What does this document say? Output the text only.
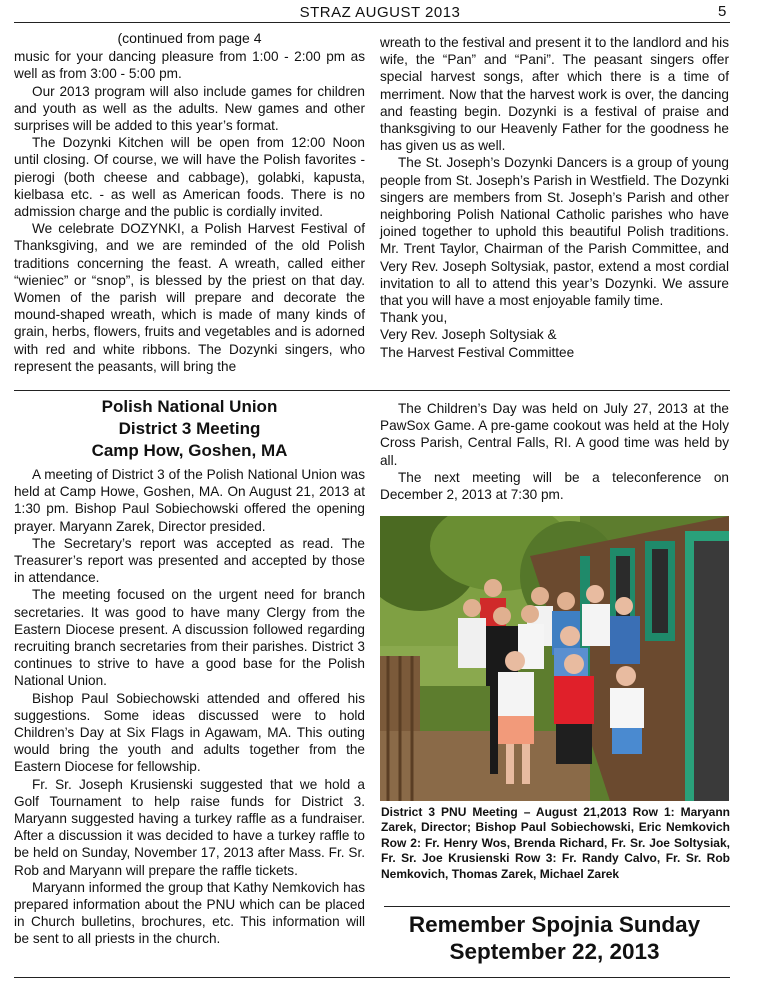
STRAZ AUGUST 2013	5
(continued from page 4

music for your dancing pleasure from 1:00 - 2:00 pm as well as from 3:00 - 5:00 pm.

Our 2013 program will also include games for children and youth as well as the adults. New games and other surprises will be added to this year’s format.

The Dozynki Kitchen will be open from 12:00 Noon until closing. Of course, we will have the Polish favorites - pierogi (both cheese and cabbage), golabki, kapusta, kielbasa etc. - as well as American foods. There is no admission charge and the public is cordially invited.

We celebrate DOZYNKI, a Polish Harvest Festival of Thanksgiving, and we are reminded of the old Polish traditions concerning the feast. A wreath, called either “wieniec” or “snop”, is blessed by the priest on that day. Women of the parish will prepare and decorate the mound-shaped wreath, which is made of many kinds of grain, herbs, flowers, fruits and vegetables and is adorned with red and white ribbons. The Dozynki singers, who represent the peasants, will bring the

wreath to the festival and present it to the landlord and his wife, the “Pan” and “Pani”. The peasant singers offer special harvest songs, after which there is a time of merriment. Now that the harvest work is over, the dancing and feasting begin. Dozynki is a festival of praise and thanksgiving to our Heavenly Father for the goodness he has given us as well.

The St. Joseph’s Dozynki Dancers is a group of young people from St. Joseph’s Parish in Westfield. The Dozynki singers are members from St. Joseph’s Parish and other neighboring Polish National Catholic parishes who have joined together to uphold this beautiful Polish traditions. Mr. Trent Taylor, Chairman of the Parish Committee, and Very Rev. Joseph Soltysiak, pastor, extend a most cordial invitation to all to attend this year’s Dozynki. We assure that you will have a most enjoyable family time.

Thank you,

Very Rev. Joseph Soltysiak &

The Harvest Festival Committee

Polish National Union
District 3 Meeting
Camp How, Goshen, MA

A meeting of District 3 of the Polish National Union was held at Camp Howe, Goshen, MA. On August 21, 2013 at 1:30 pm. Bishop Paul Sobiechowski offered the opening prayer. Maryann Zarek, Director presided.

The Secretary’s report was accepted as read. The Treasurer’s report was presented and accepted by those in attendance.

The meeting focused on the urgent need for branch secretaries. It was good to have many Clergy from the Eastern Diocese present. A discussion followed regarding recruiting branch secretaries from their parishes. District 3 continues to strive to have a good base for the Polish National Union.

Bishop Paul Sobiechowski attended and offered his suggestions. Some ideas discussed were to hold Children’s Day at Six Flags in Agawam, MA. This outing would bring the youth and adults together from the Eastern Diocese for fellowship.

Fr. Sr. Joseph Krusienski suggested that we hold a Golf Tournament to help raise funds for District 3. Maryann suggested having a turkey raffle as a fundraiser. After a discussion it was decided to have a turkey raffle to be held on Sunday, November 17, 2013 after Mass. Fr. Sr. Rob and Maryann will prepare the raffle tickets.

Maryann informed the group that Kathy Nemkovich has prepared information about the PNU which can be placed in Church bulletins, brochures, etc. This information will be sent to all priests in the church.

The Children’s Day was held on July 27, 2013 at the PawSox Game. A pre-game cookout was held at the Holy Cross Parish, Central Falls, RI. A good time was held by all.

The next meeting will be a teleconference on December 2, 2013 at 7:30 pm.

District 3 PNU Meeting – August 21,2013 Row 1: Maryann Zarek, Director; Bishop Paul Sobiechowski, Eric Nemkovich Row 2: Fr. Henry Wos, Brenda Richard, Fr. Sr. Joe Soltysiak, Fr. Sr. Joe Krusienski Row 3: Fr. Randy Calvo, Fr. Sr. Rob Nemkovich, Thomas Zarek, Michael Zarek
Remember Spojnia Sunday
September 22, 2013
